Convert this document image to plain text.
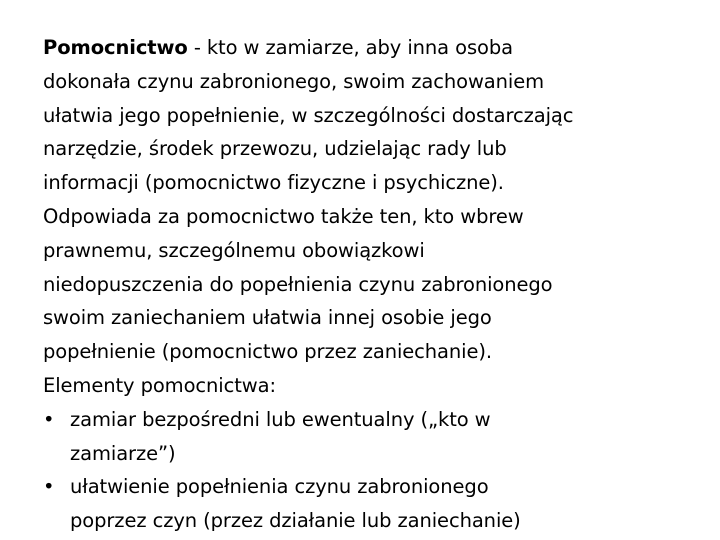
Pomocnictwo - kto w zamiarze, aby inna osoba
dokonała czynu zabronionego, swoim zachowaniem
ułatwia jego popełnienie, w szczególności dostarczając
narzędzie, środek przewozu, udzielając rady lub
informacji (pomocnictwo fizyczne i psychiczne).
Odpowiada za pomocnictwo także ten, kto wbrew
prawnemu, szczególnemu obowiązkowi
niedopuszczenia do popełnienia czynu zabronionego
swoim zaniechaniem ułatwia innej osobie jego
popełnienie (pomocnictwo przez zaniechanie).
Elementy pomocnictwa:
• zamiar bezpośredni lub ewentualny („kto w
zamiarze”)
• ułatwienie popełnienia czynu zabronionego
poprzez czyn (przez działanie lub zaniechanie)
